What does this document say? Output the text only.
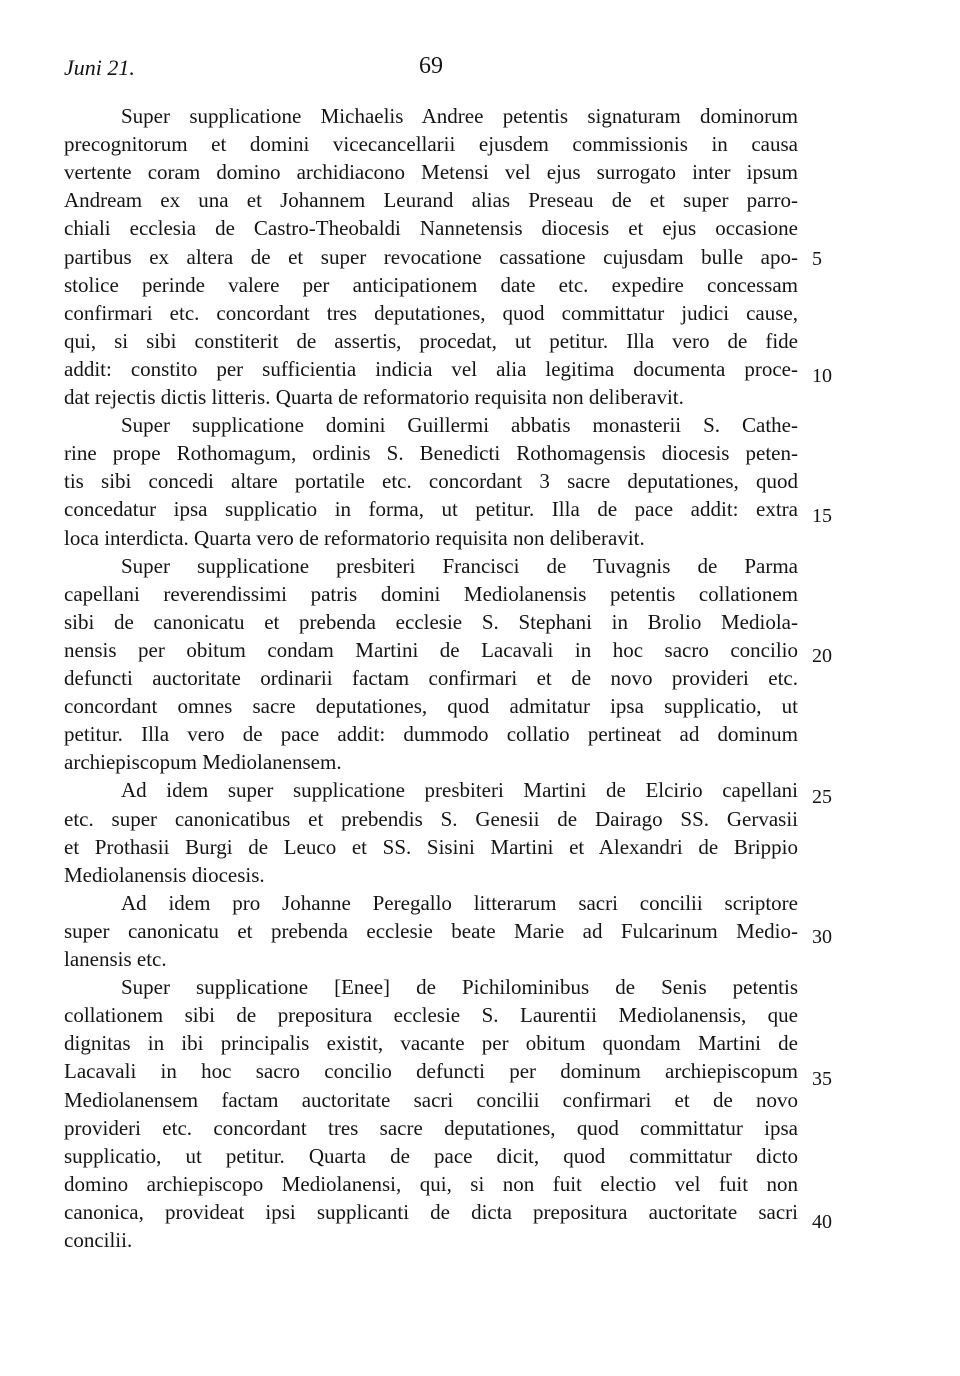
Juni 21.	69
Super supplicatione Michaelis Andree petentis signaturam dominorum
precognitorum et domini vicecancellarii ejusdem commissionis in causa
vertente coram domino archidiacono Metensi vel ejus surrogato inter ipsum
Andream ex una et Johannem Leurand alias Preseau de et super parro-
chiali ecclesia de Castro-Theobaldi Nannetensis diocesis et ejus occasione
partibus ex altera de et super revocatione cassatione cujusdam bulle apo-
stolice perinde valere per anticipationem date etc. expedire concessam
confirmari etc. concordant tres deputationes, quod committatur judici cause,
qui, si sibi constiterit de assertis, procedat, ut petitur. Illa vero de fide
addit: constito per sufficientia indicia vel alia legitima documenta proce-
dat rejectis dictis litteris. Quarta de reformatorio requisita non deliberavit.
Super supplicatione domini Guillermi abbatis monasterii S. Cathe-
rine prope Rothomagum, ordinis S. Benedicti Rothomagensis diocesis peten-
tis sibi concedi altare portatile etc. concordant 3 sacre deputationes, quod
concedatur ipsa supplicatio in forma, ut petitur. Illa de pace addit: extra
loca interdicta. Quarta vero de reformatorio requisita non deliberavit.
Super supplicatione presbiteri Francisci de Tuvagnis de Parma
capellani reverendissimi patris domini Mediolanensis petentis collationem
sibi de canonicatu et prebenda ecclesie S. Stephani in Brolio Mediola-
nensis per obitum condam Martini de Lacavali in hoc sacro concilio
defuncti auctoritate ordinarii factam confirmari et de novo provideri etc.
concordant omnes sacre deputationes, quod admitatur ipsa supplicatio, ut
petitur. Illa vero de pace addit: dummodo collatio pertineat ad dominum
archiepiscopum Mediolanensem.
Ad idem super supplicatione presbiteri Martini de Elcirio capellani
etc. super canonicatibus et prebendis S. Genesii de Dairago SS. Gervasii
et Prothasii Burgi de Leuco et SS. Sisini Martini et Alexandri de Brippio
Mediolanensis diocesis.
Ad idem pro Johanne Peregallo litterarum sacri concilii scriptore
super canonicatu et prebenda ecclesie beate Marie ad Fulcarinum Medio-
lanensis etc.
Super supplicatione [Enee] de Pichilominibus de Senis petentis
collationem sibi de prepositura ecclesie S. Laurentii Mediolanensis, que
dignitas in ibi principalis existit, vacante per obitum quondam Martini de
Lacavali in hoc sacro concilio defuncti per dominum archiepiscopum
Mediolanensem factam auctoritate sacri concilii confirmari et de novo
provideri etc. concordant tres sacre deputationes, quod committatur ipsa
supplicatio, ut petitur. Quarta de pace dicit, quod committatur dicto
domino archiepiscopo Mediolanensi, qui, si non fuit electio vel fuit non
canonica, provideat ipsi supplicanti de dicta prepositura auctoritate sacri
concilii.
5
10
15
20
25
30
35
40
